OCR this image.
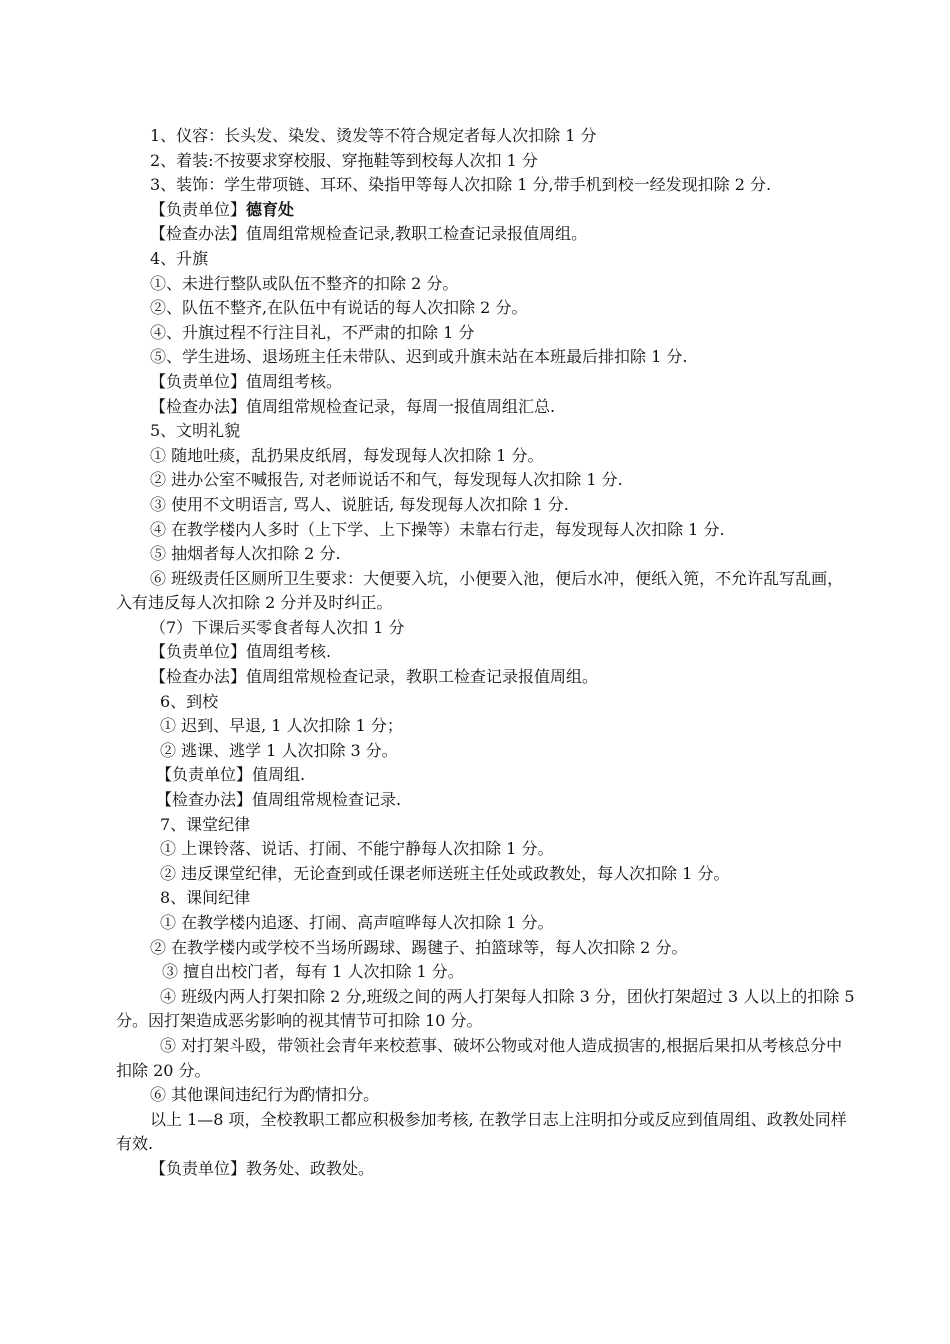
1、仪容：长头发、染发、烫发等不符合规定者每人次扣除 1 分

2、着装:不按要求穿校服、穿拖鞋等到校每人次扣 1 分

3、装饰：学生带项链、耳环、染指甲等每人次扣除 1 分,带手机到校一经发现扣除 2 分.

【负责单位】德育处

【检查办法】值周组常规检查记录,教职工检查记录报值周组。

4、升旗

①、未进行整队或队伍不整齐的扣除 2 分。

②、队伍不整齐,在队伍中有说话的每人次扣除 2 分。

④、升旗过程不行注目礼，不严肃的扣除 1 分

⑤、学生进场、退场班主任未带队、迟到或升旗未站在本班最后排扣除 1 分.

【负责单位】值周组考核。

【检查办法】值周组常规检查记录，每周一报值周组汇总.

5、文明礼貌

① 随地吐痰，乱扔果皮纸屑，每发现每人次扣除 1 分。

② 进办公室不喊报告, 对老师说话不和气，每发现每人次扣除 1 分.

③ 使用不文明语言, 骂人、说脏话, 每发现每人次扣除 1 分.

④ 在教学楼内人多时（上下学、上下操等）未靠右行走，每发现每人次扣除 1 分.

⑤ 抽烟者每人次扣除 2 分.

⑥ 班级责任区厕所卫生要求：大便要入坑，小便要入池，便后水冲，便纸入篼，不允许乱写乱画，入有违反每人次扣除 2 分并及时纠正。

（7）下课后买零食者每人次扣 1 分

【负责单位】值周组考核.

【检查办法】值周组常规检查记录，教职工检查记录报值周组。

6、到校

① 迟到、早退, 1 人次扣除 1 分；

② 逃课、逃学 1 人次扣除 3 分。

【负责单位】值周组.

【检查办法】值周组常规检查记录.

7、课堂纪律

① 上课铃落、说话、打闹、不能宁静每人次扣除 1 分。

② 违反课堂纪律，无论查到或任课老师送班主任处或政教处，每人次扣除 1 分。

8、课间纪律

① 在教学楼内追逐、打闹、高声喧哗每人次扣除 1 分。

② 在教学楼内或学校不当场所踢球、踢毽子、拍篮球等，每人次扣除 2 分。

③ 擅自出校门者，每有 1 人次扣除 1 分。

④ 班级内两人打架扣除 2 分,班级之间的两人打架每人扣除 3 分，团伙打架超过 3 人以上的扣除 5 分。因打架造成恶劣影响的视其情节可扣除 10 分。

⑤ 对打架斗殴，带领社会青年来校惹事、破坏公物或对他人造成损害的,根据后果扣从考核总分中扣除 20 分。

⑥ 其他课间违纪行为酌情扣分。

以上 1—8 项，全校教职工都应积极参加考核, 在教学日志上注明扣分或反应到值周组、政教处同样有效.

【负责单位】教务处、政教处。
